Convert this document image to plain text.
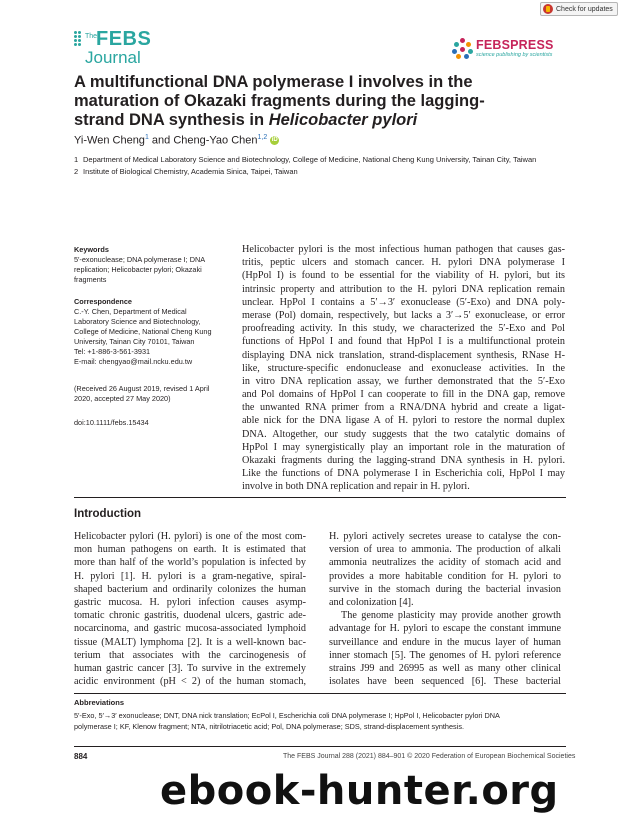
Check for updates
The
FEBS
Journal
FEBSPRESS
science publishing by scientists
A multifunctional DNA polymerase I involves in the
maturation of Okazaki fragments during the lagging-
strand DNA synthesis in Helicobacter pylori
Yi-Wen Cheng$^1$ and Cheng-Yao Chen$^{1,2}$ iD
1 Department of Medical Laboratory Science and Biotechnology, College of Medicine, National Cheng Kung University, Tainan City, Taiwan
2 Institute of Biological Chemistry, Academia Sinica, Taipei, Taiwan
Keywords
5′-exonuclease; DNA polymerase I; DNA
replication; Helicobacter pylori; Okazaki
fragments
Correspondence
C.-Y. Chen, Department of Medical
Laboratory Science and Biotechnology,
College of Medicine, National Cheng Kung
University, Tainan City 70101, Taiwan
Tel: +1-886-3-561-3931
E-mail: chengyao@mail.ncku.edu.tw
(Received 26 August 2019, revised 1 April
2020, accepted 27 May 2020)
doi:10.1111/febs.15434
Helicobacter pylori is the most infectious human pathogen that causes gas-
tritis, peptic ulcers and stomach cancer. H. pylori DNA polymerase I
(HpPol I) is found to be essential for the viability of H. pylori, but its
intrinsic property and attribution to the H. pylori DNA replication remain
unclear. HpPol I contains a 5′→3′ exonuclease (5′-Exo) and DNA poly-
merase (Pol) domain, respectively, but lacks a 3′→5′ exonuclease, or error
proofreading activity. In this study, we characterized the 5′-Exo and Pol
functions of HpPol I and found that HpPol I is a multifunctional protein
displaying DNA nick translation, strand-displacement synthesis, RNase H-
like, structure-specific endonuclease and exonuclease activities. In the
in vitro DNA replication assay, we further demonstrated that the 5′-Exo
and Pol domains of HpPol I can cooperate to fill in the DNA gap, remove
the unwanted RNA primer from a RNA/DNA hybrid and create a ligat-
able nick for the DNA ligase A of H. pylori to restore the normal duplex
DNA. Altogether, our study suggests that the two catalytic domains of
HpPol I may synergistically play an important role in the maturation of
Okazaki fragments during the lagging-strand DNA synthesis in H. pylori.
Like the functions of DNA polymerase I in Escherichia coli, HpPol I may
involve in both DNA replication and repair in H. pylori.
Introduction
Helicobacter pylori (H. pylori) is one of the most com-
mon human pathogens on earth. It is estimated that
more than half of the world’s population is infected by
H. pylori [1]. H. pylori is a gram-negative, spiral-
shaped bacterium and ordinarily colonizes the human
gastric mucosa. H. pylori infection causes asymp-
tomatic chronic gastritis, duodenal ulcers, gastric ade-
nocarcinoma, and gastric mucosa-associated lymphoid
tissue (MALT) lymphoma [2]. It is a well-known bac-
terium that associates with the carcinogenesis of
human gastric cancer [3]. To survive in the extremely
acidic environment (pH < 2) of the human stomach,
H. pylori actively secretes urease to catalyse the con-
version of urea to ammonia. The production of alkali
ammonia neutralizes the acidity of stomach acid and
provides a more habitable condition for H. pylori to
survive in the stomach during the bacterial invasion
and colonization [4].
The genome plasticity may provide another growth
advantage for H. pylori to escape the constant immune
surveillance and endure in the mucus layer of human
inner stomach [5]. The genomes of H. pylori reference
strains J99 and 26995 as well as many other clinical
isolates have been sequenced [6]. These bacterial
Abbreviations
5′-Exo, 5′→3′ exonuclease; DNT, DNA nick translation; EcPol I, Escherichia coli DNA polymerase I; HpPol I, Helicobacter pylori DNA
polymerase I; KF, Klenow fragment; NTA, nitrilotriacetic acid; Pol, DNA polymerase; SDS, strand-displacement synthesis.
884	The FEBS Journal 288 (2021) 884–901 © 2020 Federation of European Biochemical Societies
ebook-hunter.org
